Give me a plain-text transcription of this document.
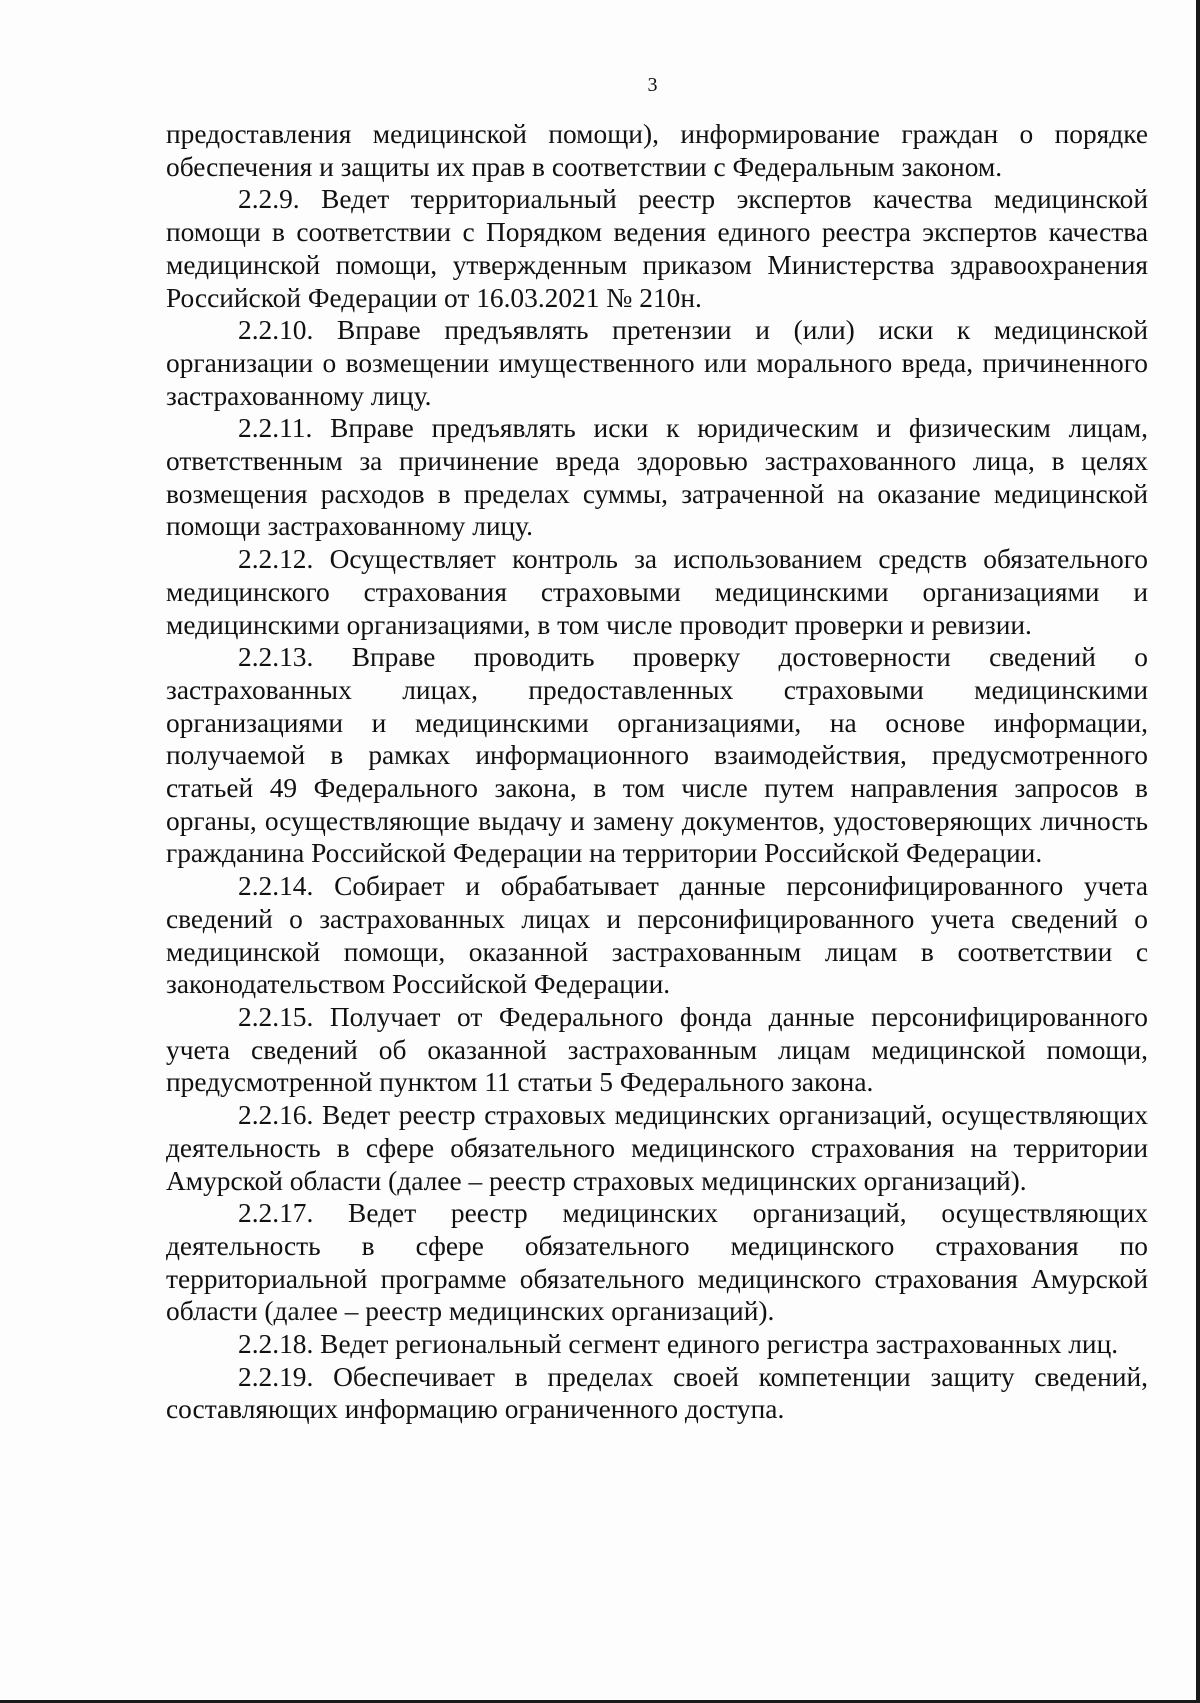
3

предоставления медицинской помощи), информирование граждан о порядке обеспечения и защиты их прав в соответствии с Федеральным законом.

2.2.9. Ведет территориальный реестр экспертов качества медицинской помощи в соответствии с Порядком ведения единого реестра экспертов качества медицинской помощи, утвержденным приказом Министерства здравоохранения Российской Федерации от 16.03.2021 № 210н.

2.2.10. Вправе предъявлять претензии и (или) иски к медицинской организации о возмещении имущественного или морального вреда, причиненного застрахованному лицу.

2.2.11. Вправе предъявлять иски к юридическим и физическим лицам, ответственным за причинение вреда здоровью застрахованного лица, в целях возмещения расходов в пределах суммы, затраченной на оказание медицинской помощи застрахованному лицу.

2.2.12. Осуществляет контроль за использованием средств обязательного медицинского страхования страховыми медицинскими организациями и медицинскими организациями, в том числе проводит проверки и ревизии.

2.2.13. Вправе проводить проверку достоверности сведений о застрахованных лицах, предоставленных страховыми медицинскими организациями и медицинскими организациями, на основе информации, получаемой в рамках информационного взаимодействия, предусмотренного статьей 49 Федерального закона, в том числе путем направления запросов в органы, осуществляющие выдачу и замену документов, удостоверяющих личность гражданина Российской Федерации на территории Российской Федерации.

2.2.14. Собирает и обрабатывает данные персонифицированного учета сведений о застрахованных лицах и персонифицированного учета сведений о медицинской помощи, оказанной застрахованным лицам в соответствии с законодательством Российской Федерации.

2.2.15. Получает от Федерального фонда данные персонифицированного учета сведений об оказанной застрахованным лицам медицинской помощи, предусмотренной пунктом 11 статьи 5 Федерального закона.

2.2.16. Ведет реестр страховых медицинских организаций, осуществляющих деятельность в сфере обязательного медицинского страхования на территории Амурской области (далее – реестр страховых медицинских организаций).

2.2.17. Ведет реестр медицинских организаций, осуществляющих деятельность в сфере обязательного медицинского страхования по территориальной программе обязательного медицинского страхования Амурской области (далее – реестр медицинских организаций).

2.2.18. Ведет региональный сегмент единого регистра застрахованных лиц.

2.2.19. Обеспечивает в пределах своей компетенции защиту сведений, составляющих информацию ограниченного доступа.
